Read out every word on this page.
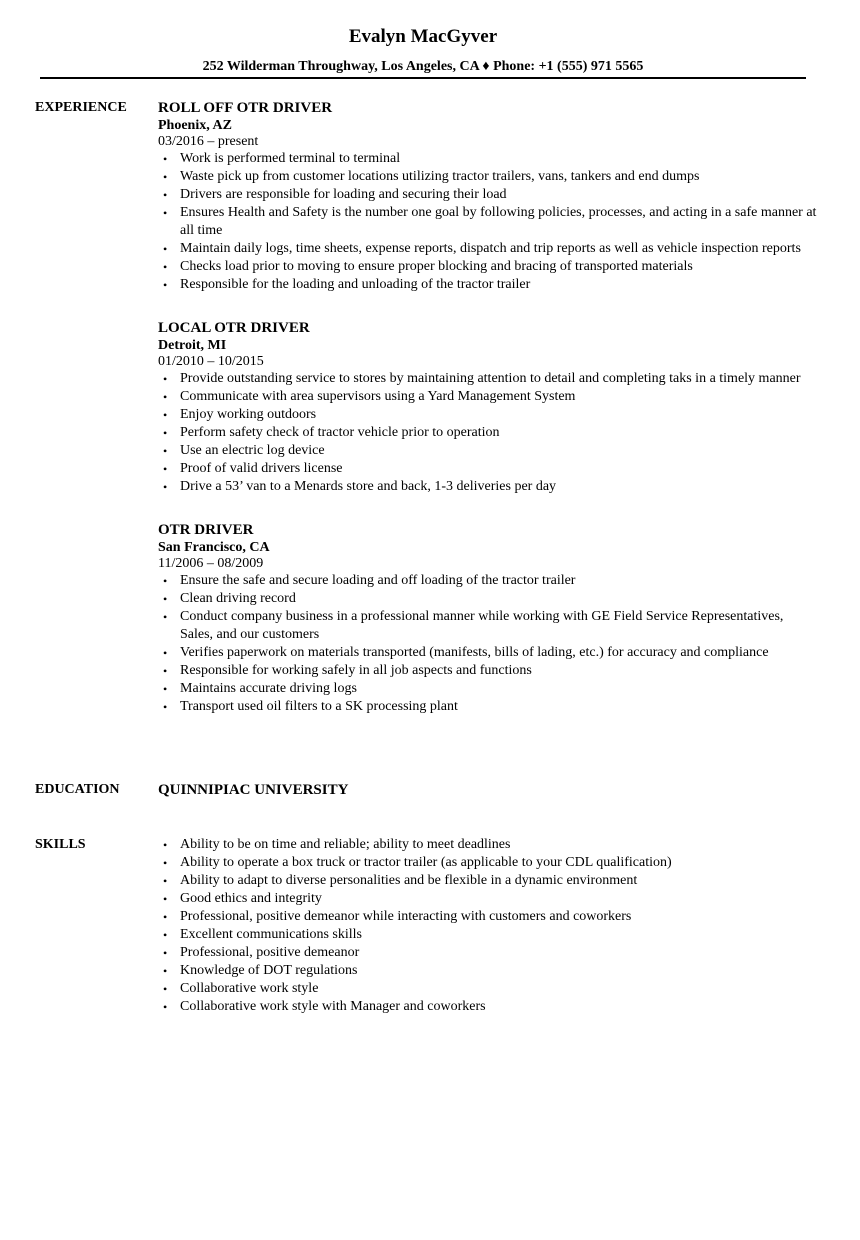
Evalyn MacGyver
252 Wilderman Throughway, Los Angeles, CA ♦ Phone: +1 (555) 971 5565
EXPERIENCE	ROLL OFF OTR DRIVER
Phoenix, AZ
03/2016 – present
• Work is performed terminal to terminal
• Waste pick up from customer locations utilizing tractor trailers, vans, tankers and end dumps
• Drivers are responsible for loading and securing their load
• Ensures Health and Safety is the number one goal by following policies, processes, and acting in a safe manner at all time
• Maintain daily logs, time sheets, expense reports, dispatch and trip reports as well as vehicle inspection reports
• Checks load prior to moving to ensure proper blocking and bracing of transported materials
• Responsible for the loading and unloading of the tractor trailer
LOCAL OTR DRIVER
Detroit, MI
01/2010 – 10/2015
• Provide outstanding service to stores by maintaining attention to detail and completing taks in a timely manner
• Communicate with area supervisors using a Yard Management System
• Enjoy working outdoors
• Perform safety check of tractor vehicle prior to operation
• Use an electric log device
• Proof of valid drivers license
• Drive a 53’ van to a Menards store and back, 1-3 deliveries per day
OTR DRIVER
San Francisco, CA
11/2006 – 08/2009
• Ensure the safe and secure loading and off loading of the tractor trailer
• Clean driving record
• Conduct company business in a professional manner while working with GE Field Service Representatives, Sales, and our customers
• Verifies paperwork on materials transported (manifests, bills of lading, etc.) for accuracy and compliance
• Responsible for working safely in all job aspects and functions
• Maintains accurate driving logs
• Transport used oil filters to a SK processing plant
EDUCATION	QUINNIPIAC UNIVERSITY
SKILLS	• Ability to be on time and reliable; ability to meet deadlines
• Ability to operate a box truck or tractor trailer (as applicable to your CDL qualification)
• Ability to adapt to diverse personalities and be flexible in a dynamic environment
• Good ethics and integrity
• Professional, positive demeanor while interacting with customers and coworkers
• Excellent communications skills
• Professional, positive demeanor
• Knowledge of DOT regulations
• Collaborative work style
• Collaborative work style with Manager and coworkers
